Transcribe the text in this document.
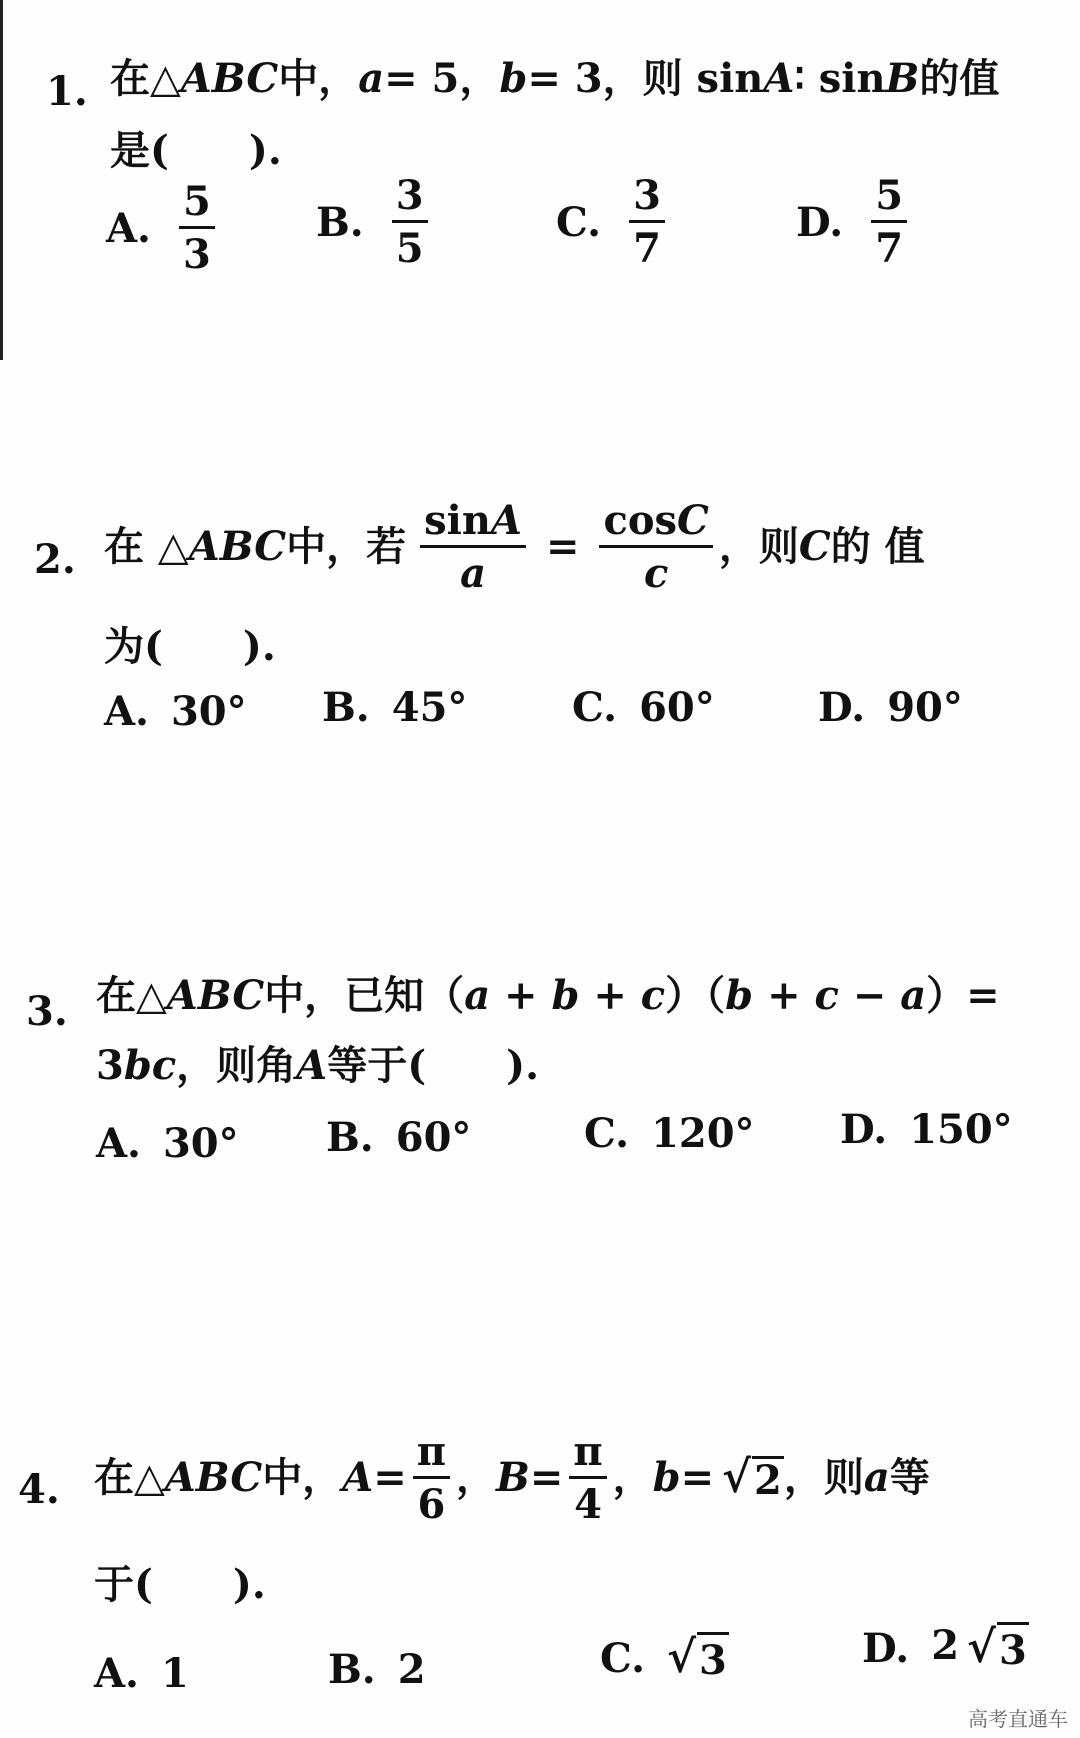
1. 在△ ABC 中， a = 5， b = 3，则 sin A ∶ sin B 的值
是(　　).
A. $\frac{5}{3}$	B. $\frac{3}{5}$	C. $\frac{3}{7}$	D. $\frac{5}{7}$
2. 在 △ ABC 中，若 $\frac{\sin A}{a} = \frac{\cos C}{c}$ ，则 C 的 值
为(　　).
A. 30° B. 45°	C. 60°	D. 90°
3. 在△ ABC 中，已知（ a + b + c ）（ b + c − a ）=
3 bc ，则角 A 等于(　　).
A. 30° B. 60°	C. 120° D. 150°
4. 在△ ABC 中， $A = \frac{\pi}{6}$ ， $B = \frac{\pi}{4}$ ， b = √ 2 ，则 a 等
于(　　).
A. 1	B. 2	C. √ 3	D. 2 √ 3
高考直通车
